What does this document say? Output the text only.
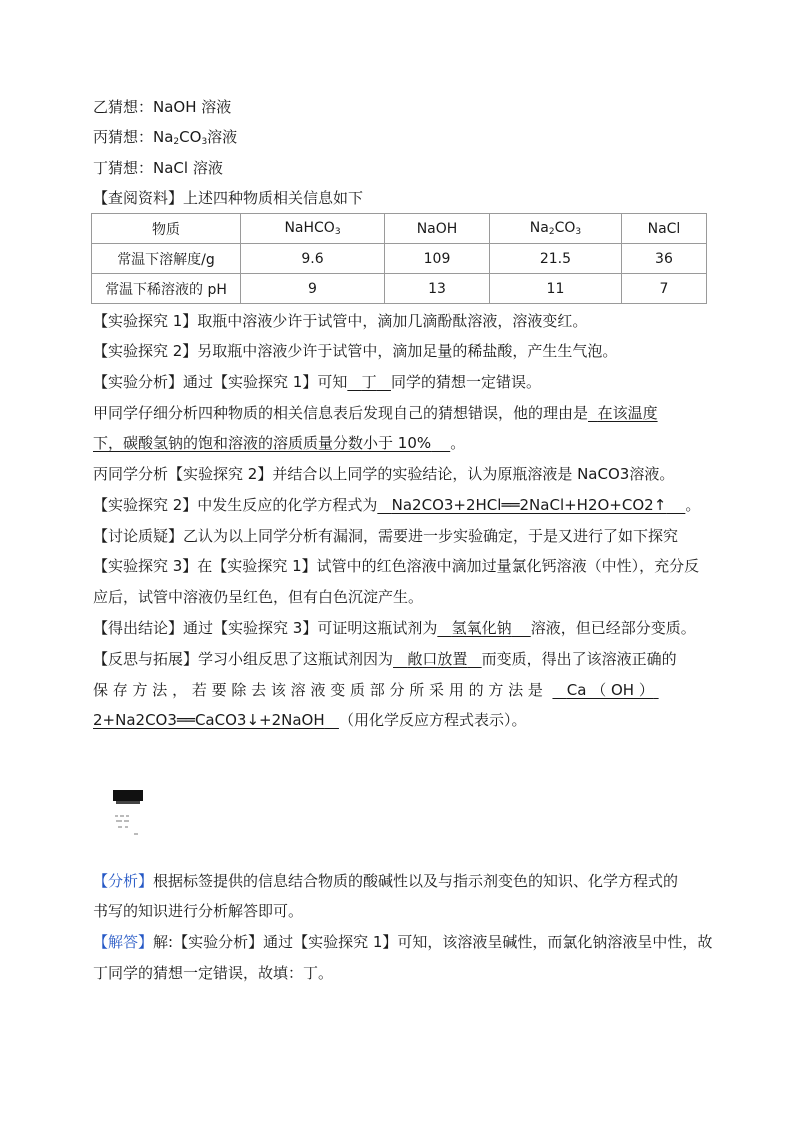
乙猜想：NaOH 溶液
丙猜想：$Na_2CO_3$溶液
丁猜想：NaCl 溶液
【查阅资料】上述四种物质相关信息如下
物质	NaHCO$_3$	NaOH	$Na_2CO_3$	NaCl
常温下溶解度/g	9.6	109	21.5	36
常温下稀溶液的 pH	9	13	11	7
【实验探究 1】取瓶中溶液少许于试管中，滴加几滴酚酞溶液，溶液变红。
【实验探究 2】另取瓶中溶液少许于试管中，滴加足量的稀盐酸，产生生气泡。
【实验分析】通过【实验探究 1】可知 丁 同学的猜想一定错误。
甲同学仔细分析四种物质的相关信息表后发现自己的猜想错误，他的理由是 在该温度
下，碳酸氢钠的饱和溶液的溶质质量分数小于 10% 。
丙同学分析【实验探究 2】并结合以上同学的实验结论，认为原瓶溶液是 NaCO3溶液。
【实验探究 2】中发生反应的化学方程式为 Na2CO3+2HCl══2NaCl+H2O+CO2↑ 。
【讨论质疑】乙认为以上同学分析有漏洞，需要进一步实验确定，于是又进行了如下探究
【实验探究 3】在【实验探究 1】试管中的红色溶液中滴加过量氯化钙溶液（中性），充分反
应后，试管中溶液仍呈红色，但有白色沉淀产生。
【得出结论】通过【实验探究 3】可证明这瓶试剂为 氢氧化钠 溶液，但已经部分变质。
【反思与拓展】学习小组反思了这瓶试剂因为 敞口放置 而变质，得出了该溶液正确的
保 存 方 法 ， 若 要 除 去 该 溶 液 变 质 部 分 所 采 用 的 方 法 是 Ca （ OH ）
2+Na2CO3══CaCO3↓+2NaOH （用化学反应方程式表示）。
【分析】根据标签提供的信息结合物质的酸碱性以及与指示剂变色的知识、化学方程式的
书写的知识进行分析解答即可。
【解答】解:【实验分析】通过【实验探究 1】可知，该溶液呈碱性，而氯化钠溶液呈中性，故
丁同学的猜想一定错误，故填：丁。
